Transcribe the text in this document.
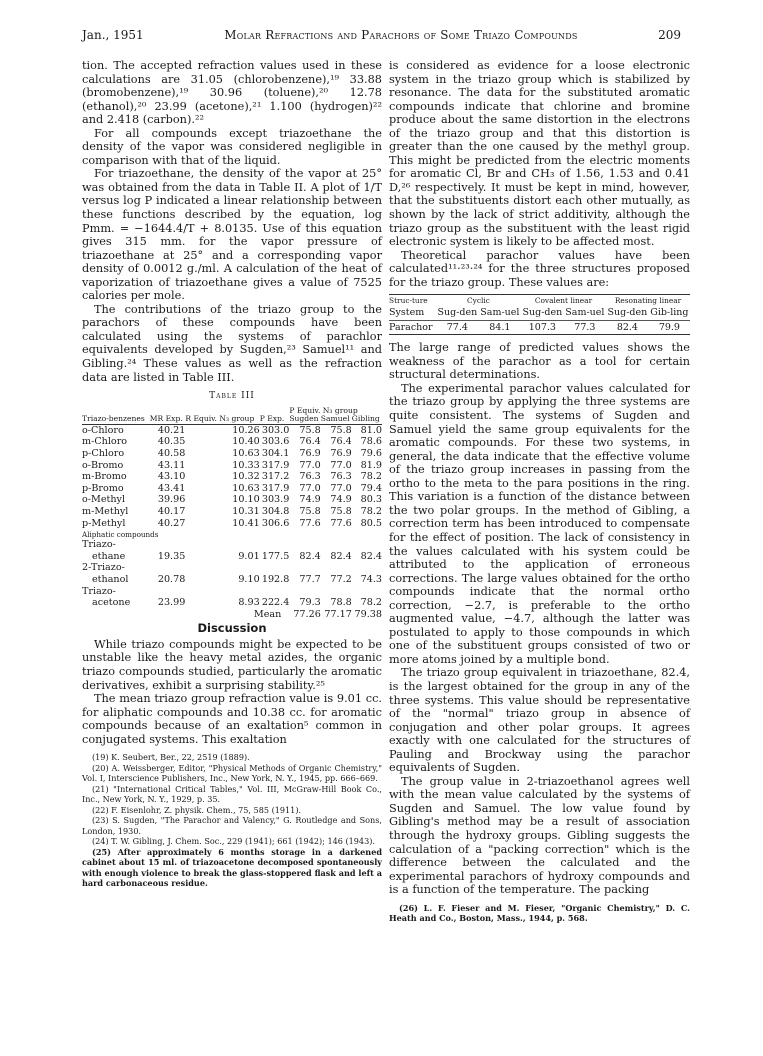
Jan., 1951	Molar Refractions and Parachors of Some Triazo Compounds	209

tion. The accepted refraction values used in these calculations are 31.05 (chlorobenzene),¹⁹ 33.88 (bromobenzene),¹⁹ 30.96 (toluene),²⁰ 12.78 (ethanol),²⁰ 23.99 (acetone),²¹ 1.100 (hydrogen)²² and 2.418 (carbon).²²

For all compounds except triazoethane the density of the vapor was considered negligible in comparison with that of the liquid.

For triazoethane, the density of the vapor at 25° was obtained from the data in Table II. A plot of 1/T versus log P indicated a linear relationship between these functions described by the equation, log Pmm. = −1644.4/T + 8.0135. Use of this equation gives 315 mm. for the vapor pressure of triazoethane at 25° and a corresponding vapor density of 0.0012 g./ml. A calculation of the heat of vaporization of triazoethane gives a value of 7525 calories per mole.

The contributions of the triazo group to the parachors of these compounds have been calculated using the systems of parachlor equivalents developed by Sugden,²³ Samuel¹¹ and Gibling.²⁴ These values as well as the refraction data are listed in Table III.

Table III
Triazo-benzenes	MR Exp.	R Equiv. N₃ group	P Exp.	P Equiv. N₃ group		
				Sugden	Samuel	Gibling
o-Chloro	40.21	10.26	303.0	75.8	75.8	81.0
m-Chloro	40.35	10.40	303.6	76.4	76.4	78.6
p-Chloro	40.58	10.63	304.1	76.9	76.9	79.6
o-Bromo	43.11	10.33	317.9	77.0	77.0	81.9
m-Bromo	43.10	10.32	317.2	76.3	76.3	78.2
p-Bromo	43.41	10.63	317.9	77.0	77.0	79.4
o-Methyl	39.96	10.10	303.9	74.9	74.9	80.3
m-Methyl	40.17	10.31	304.8	75.8	75.8	78.2
p-Methyl	40.27	10.41	306.6	77.6	77.6	80.5
Aliphatic compounds						
Triazo-						
ethane	19.35	9.01	177.5	82.4	82.4	82.4
2-Triazo-						
ethanol	20.78	9.10	192.8	77.7	77.2	74.3
Triazo-						
acetone	23.99	8.93	222.4	79.3	78.8	78.2
Mean				77.26	77.17	79.38
Discussion

While triazo compounds might be expected to be unstable like the heavy metal azides, the organic triazo compounds studied, particularly the aromatic derivatives, exhibit a surprising stability.²⁵

The mean triazo group refraction value is 9.01 cc. for aliphatic compounds and 10.38 cc. for aromatic compounds because of an exaltation⁵ common in conjugated systems. This exaltation

(19) K. Seubert, Ber., 22, 2519 (1889).

(20) A. Weissberger, Editor, "Physical Methods of Organic Chemistry," Vol. I, Interscience Publishers, Inc., New York, N. Y., 1945, pp. 666–669.

(21) "International Critical Tables," Vol. III, McGraw-Hill Book Co., Inc., New York, N. Y., 1929, p. 35.

(22) F. Eisenlohr, Z. physik. Chem., 75, 585 (1911).

(23) S. Sugden, "The Parachor and Valency," G. Routledge and Sons, London, 1930.

(24) T. W. Gibling, J. Chem. Soc., 229 (1941); 661 (1942); 146 (1943).

(25) After approximately 6 months storage in a darkened cabinet about 15 ml. of triazoacetone decomposed spontaneously with enough violence to break the glass-stoppered flask and left a hard carbonaceous residue.

is considered as evidence for a loose electronic system in the triazo group which is stabilized by resonance. The data for the substituted aromatic compounds indicate that chlorine and bromine produce about the same distortion in the electrons of the triazo group and that this distortion is greater than the one caused by the methyl group. This might be predicted from the electric moments for aromatic Cl, Br and CH₃ of 1.56, 1.53 and 0.41 D,²⁶ respectively. It must be kept in mind, however, that the substituents distort each other mutually, as shown by the lack of strict additivity, although the triazo group as the substituent with the least rigid electronic system is likely to be affected most.

Theoretical parachor values have been calculated¹¹·²³·²⁴ for the three structures proposed for the triazo group. These values are:

Struc-ture	Cyclic		Covalent linear		Resonating linear	
System	Sug-den	Sam-uel	Sug-den	Sam-uel	Sug-den	Gib-ling
Parachor	77.4	84.1	107.3	77.3	82.4	79.9

The large range of predicted values shows the weakness of the parachor as a tool for certain structural determinations.

The experimental parachor values calculated for the triazo group by applying the three systems are quite consistent. The systems of Sugden and Samuel yield the same group equivalents for the aromatic compounds. For these two systems, in general, the data indicate that the effective volume of the triazo group increases in passing from the ortho to the meta to the para positions in the ring. This variation is a function of the distance between the two polar groups. In the method of Gibling, a correction term has been introduced to compensate for the effect of position. The lack of consistency in the values calculated with his system could be attributed to the application of erroneous corrections. The large values obtained for the ortho compounds indicate that the normal ortho correction, −2.7, is preferable to the ortho augmented value, −4.7, although the latter was postulated to apply to those compounds in which one of the substituent groups consisted of two or more atoms joined by a multiple bond.

The triazo group equivalent in triazoethane, 82.4, is the largest obtained for the group in any of the three systems. This value should be representative of the "normal" triazo group in absence of conjugation and other polar groups. It agrees exactly with one calculated for the structures of Pauling and Brockway using the parachor equivalents of Sugden.

The group value in 2-triazoethanol agrees well with the mean value calculated by the systems of Sugden and Samuel. The low value found by Gibling's method may be a result of association through the hydroxy groups. Gibling suggests the calculation of a "packing correction" which is the difference between the calculated and the experimental parachors of hydroxy compounds and is a function of the temperature. The packing

(26) L. F. Fieser and M. Fieser, "Organic Chemistry," D. C. Heath and Co., Boston, Mass., 1944, p. 568.
